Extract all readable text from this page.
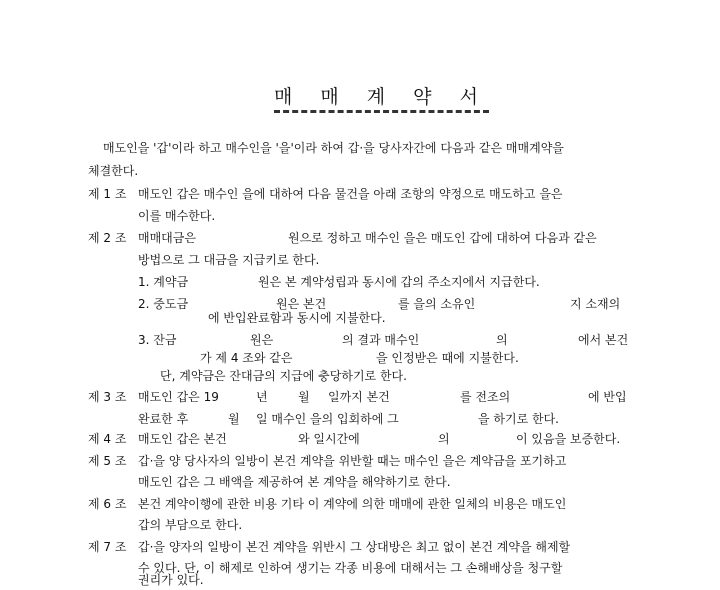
매 매 계 약 서
매도인을 '갑'이라 하고 매수인을 '을'이라 하여 갑·을 당사자간에 다음과 같은 매매계약을
체결한다.
제 1 조 매도인 갑은 매수인 을에 대하여 다음 물건을 아래 조항의 약정으로 매도하고 을은
이를 매수한다.
제 2 조 매매대금은	원으로 정하고 매수인 을은 매도인 갑에 대하여 다음과 같은
방법으로 그 대금을 지급키로 한다.
1. 계약금	원은 본 계약성립과 동시에 갑의 주소지에서 지급한다.
2. 중도금	원은 본건	를 을의 소유인	지 소재의
에 반입완료함과 동시에 지불한다.
3. 잔금	원은	의 결과 매수인	의	에서 본건
가 제 4 조와 같은	을 인정받은 때에 지불한다.
단, 계약금은 잔대금의 지급에 충당하기로 한다.
제 3 조 매도인 갑은 19	년	월 일까지 본건	를 전조의	에 반입
완료한 후	월 일 매수인 을의 입회하에 그	을 하기로 한다.
제 4 조 매도인 갑은 본건	와 일시간에	의	이 있음을 보증한다.
제 5 조 갑·을 양 당사자의 일방이 본건 계약을 위반할 때는 매수인 을은 계약금을 포기하고
매도인 갑은 그 배액을 제공하여 본 계약을 해약하기로 한다.
제 6 조 본건 계약이행에 관한 비용 기타 이 계약에 의한 매매에 관한 일체의 비용은 매도인
갑의 부담으로 한다.
제 7 조 갑·을 양자의 일방이 본건 계약을 위반시 그 상대방은 최고 없이 본건 계약을 해제할
수 있다. 단, 이 해제로 인하여 생기는 각종 비용에 대해서는 그 손해배상을 청구할
권리가 있다.
